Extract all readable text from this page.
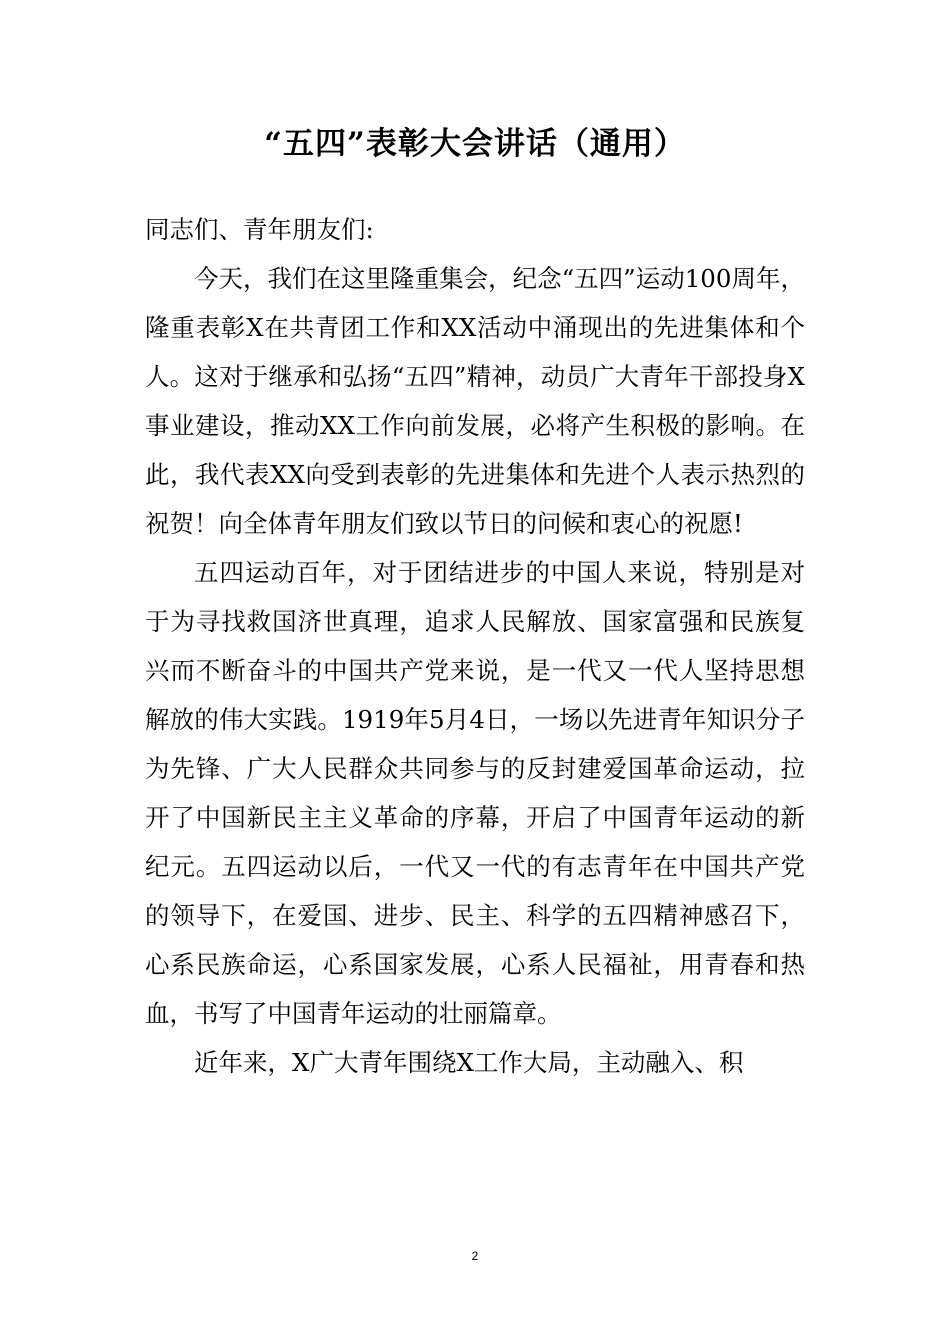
“五四”表彰大会讲话（通用）

同志们、青年朋友们:

今天，我们在这里隆重集会，纪念“五四”运动100周年，隆重表彰X在共青团工作和XX活动中涌现出的先进集体和个人。这对于继承和弘扬“五四”精神，动员广大青年干部投身X事业建设，推动XX工作向前发展，必将产生积极的影响。在此，我代表XX向受到表彰的先进集体和先进个人表示热烈的祝贺！向全体青年朋友们致以节日的问候和衷心的祝愿!

五四运动百年，对于团结进步的中国人来说，特别是对于为寻找救国济世真理，追求人民解放、国家富强和民族复兴而不断奋斗的中国共产党来说，是一代又一代人坚持思想解放的伟大实践。1919年5月4日，一场以先进青年知识分子为先锋、广大人民群众共同参与的反封建爱国革命运动，拉开了中国新民主主义革命的序幕，开启了中国青年运动的新纪元。五四运动以后，一代又一代的有志青年在中国共产党的领导下，在爱国、进步、民主、科学的五四精神感召下，心系民族命运，心系国家发展，心系人民福祉，用青春和热血，书写了中国青年运动的壮丽篇章。

近年来，X广大青年围绕X工作大局，主动融入、积

2
